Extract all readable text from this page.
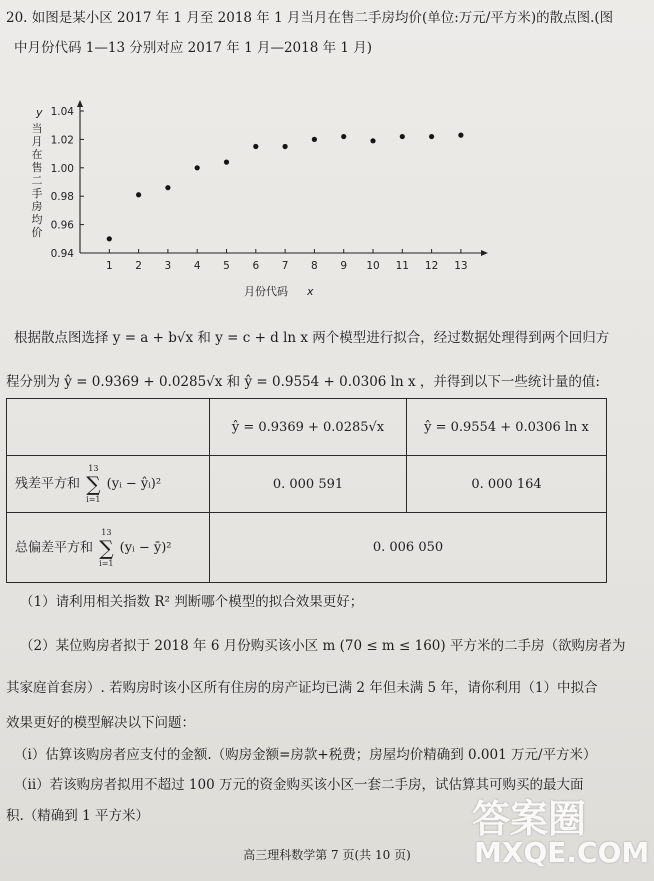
20. 如图是某小区 2017 年 1 月至 2018 年 1 月当月在售二手房均价(单位:万元/平方米)的散点图.(图
中月份代码 1—13 分别对应 2017 年 1 月—2018 年 1 月)
当
月
在
售
二
手
房
均
价
y
0.94
0.96
0.98
1.00
1.02
1.04
1 2 3 4 5 6 7 8 9 10 11 12 13
月份代码 x
根据散点图选择 y = a + b√x 和 y = c + d ln x 两个模型进行拟合，经过数据处理得到两个回归方
程分别为 ŷ = 0.9369 + 0.0285√x 和 ŷ = 0.9554 + 0.0306 ln x ，并得到以下一些统计量的值:
	ŷ = 0.9369 + 0.0285√x	ŷ = 0.9554 + 0.0306 ln x
残差平方和
13
∑
i=1
(yᵢ − ŷᵢ)²	0. 000 591	0. 000 164
总偏差平方和
13
∑
i=1
(yᵢ − ȳ)²	0. 006 050	
（1）请利用相关指数 R² 判断哪个模型的拟合效果更好；
（2）某位购房者拟于 2018 年 6 月份购买该小区 m (70 ≤ m ≤ 160) 平方米的二手房（欲购房者为
其家庭首套房）. 若购房时该小区所有住房的房产证均已满 2 年但未满 5 年，请你利用（1）中拟合
效果更好的模型解决以下问题：
（i）估算该购房者应支付的金额.（购房金额=房款+税费；房屋均价精确到 0.001 万元/平方米）
（ii）若该购房者拟用不超过 100 万元的资金购买该小区一套二手房，试估算其可购买的最大面
积.（精确到 1 平方米）
高三理科数学第 7 页(共 10 页)
答案圈
MXQE.COM
